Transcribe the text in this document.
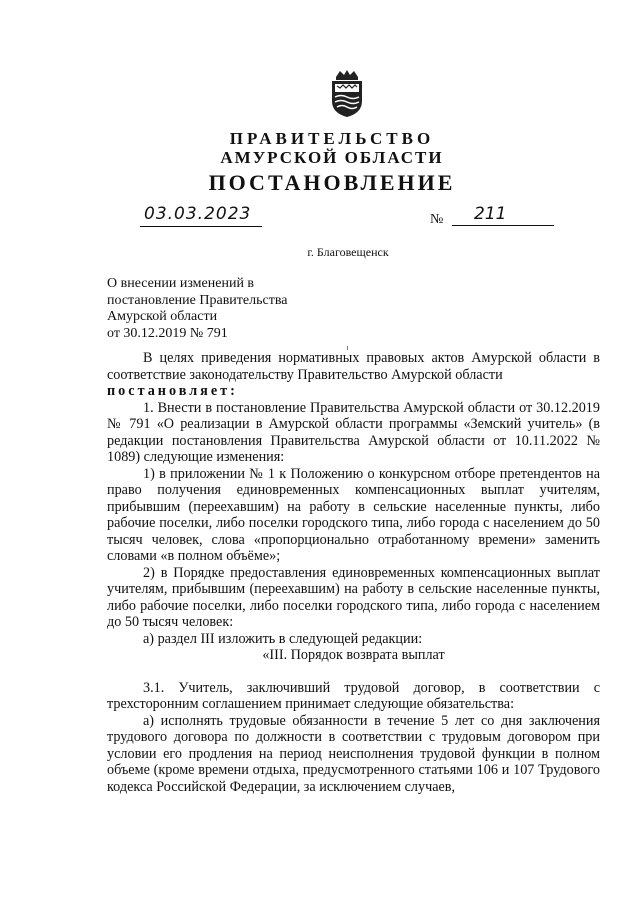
ПРАВИТЕЛЬСТВО
АМУРСКОЙ ОБЛАСТИ
ПОСТАНОВЛЕНИЕ
03.03.2023	№	211
г. Благовещенск
О внесении изменений в
постановление Правительства
Амурской области
от 30.12.2019 № 791

В целях приведения нормативных правовых актов Амурской области в соответствие законодательству Правительство Амурской области

постановляет:

1. Внести в постановление Правительства Амурской области от 30.12.2019 № 791 «О реализации в Амурской области программы «Земский учитель» (в редакции постановления Правительства Амурской области от 10.11.2022 № 1089) следующие изменения:

1) в приложении № 1 к Положению о конкурсном отборе претендентов на право получения единовременных компенсационных выплат учителям, прибывшим (переехавшим) на работу в сельские населенные пункты, либо рабочие поселки, либо поселки городского типа, либо города с населением до 50 тысяч человек, слова «пропорционально отработанному времени» заменить словами «в полном объёме»;

2) в Порядке предоставления единовременных компенсационных выплат учителям, прибывшим (переехавшим) на работу в сельские населенные пункты, либо рабочие поселки, либо поселки городского типа, либо города с населением до 50 тысяч человек:

а) раздел III изложить в следующей редакции:

«III. Порядок возврата выплат

3.1. Учитель, заключивший трудовой договор, в соответствии с трехсторонним соглашением принимает следующие обязательства:

а) исполнять трудовые обязанности в течение 5 лет со дня заключения трудового договора по должности в соответствии с трудовым договором при условии его продления на период неисполнения трудовой функции в полном объеме (кроме времени отдыха, предусмотренного статьями 106 и 107 Трудового кодекса Российской Федерации, за исключением случаев,
